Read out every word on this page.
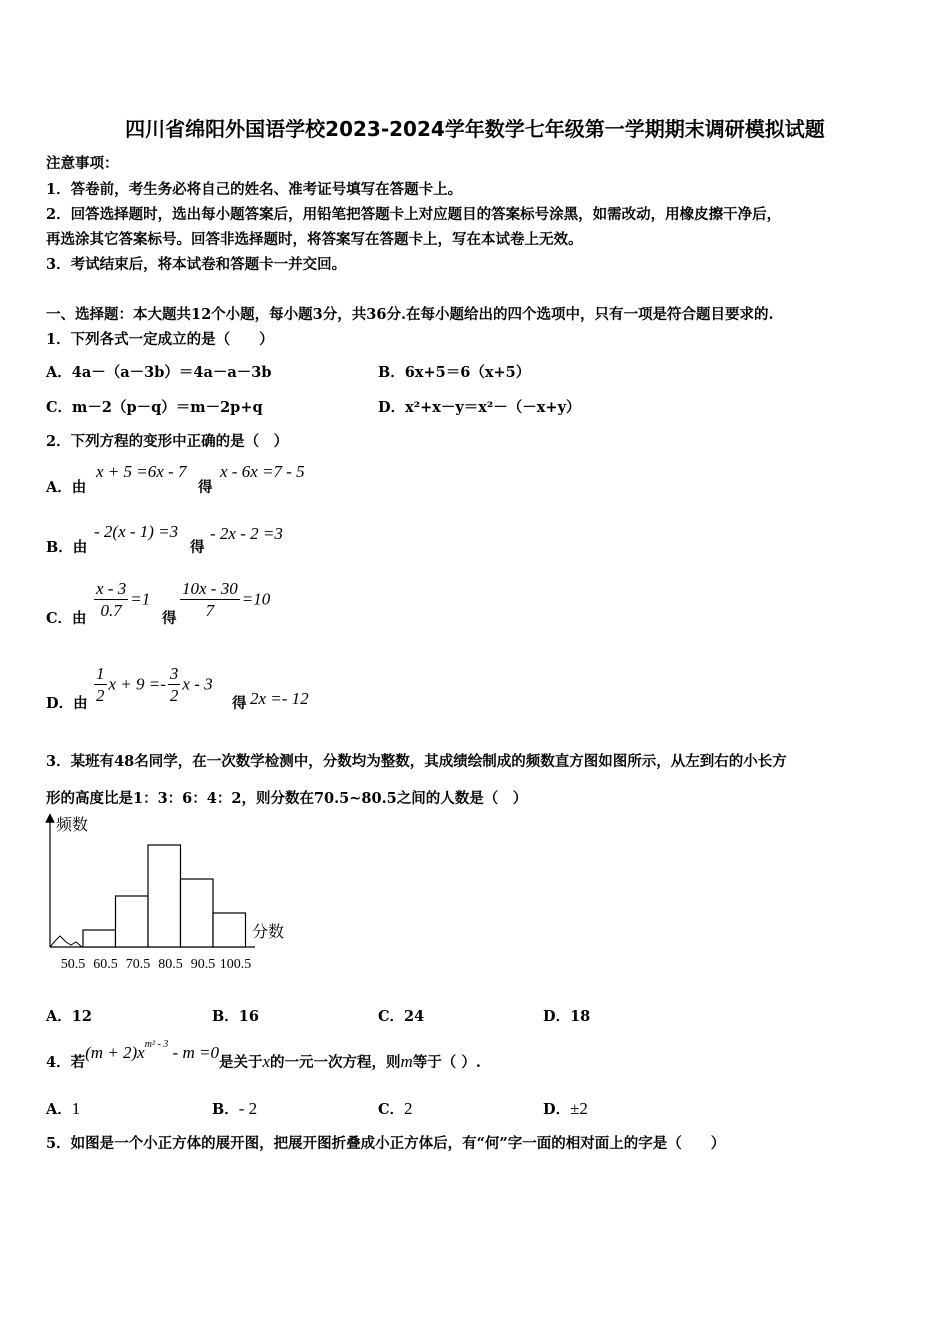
四川省绵阳外国语学校2023-2024学年数学七年级第一学期期末调研模拟试题
注意事项：
1．答卷前，考生务必将自己的姓名、准考证号填写在答题卡上。
2．回答选择题时，选出每小题答案后，用铅笔把答题卡上对应题目的答案标号涂黑，如需改动，用橡皮擦干净后，
再选涂其它答案标号。回答非选择题时，将答案写在答题卡上，写在本试卷上无效。
3．考试结束后，将本试卷和答题卡一并交回。
一、选择题：本大题共12个小题，每小题3分，共36分.在每小题给出的四个选项中，只有一项是符合题目要求的.
1．下列各式一定成立的是（　　）
A．4a－（a－3b）＝4a－a－3b	B．6x+5＝6（x+5）
C．m－2（p－q）＝m－2p+q	D．x²+x－y＝x²－（－x+y）
2．下列方程的变形中正确的是（　）
A．由
x + 5 =6x - 7
得
x - 6x =7 - 5
B．由
- 2(x - 1) =3
得
- 2x - 2 =3
C．由 $\frac{x - 3}{0.7} =1$
得 $\frac{10x - 30}{7} =10$
D．由 $\frac{1}{2}$ $x + 9 =- \frac{3}{2}$ x - 3
得 2x =- 12
3．某班有48名同学，在一次数学检测中，分数均为整数，其成绩绘制成的频数直方图如图所示，从左到右的小长方
形的高度比是1：3：6：4：2，则分数在70.5~80.5之间的人数是（　）
频数
分数
50.5 60.5 70.5 80.5 90.5 100.5
A．12	B．16	C．24	D．18
4．若$(m + 2)x^{m^2 - 3} - m =0$是关于x的一元一次方程，则m等于（ ）.
A．1	B．- 2	C．2	D．±2
5．如图是一个小正方体的展开图，把展开图折叠成小正方体后，有“何”字一面的相对面上的字是（　　）
